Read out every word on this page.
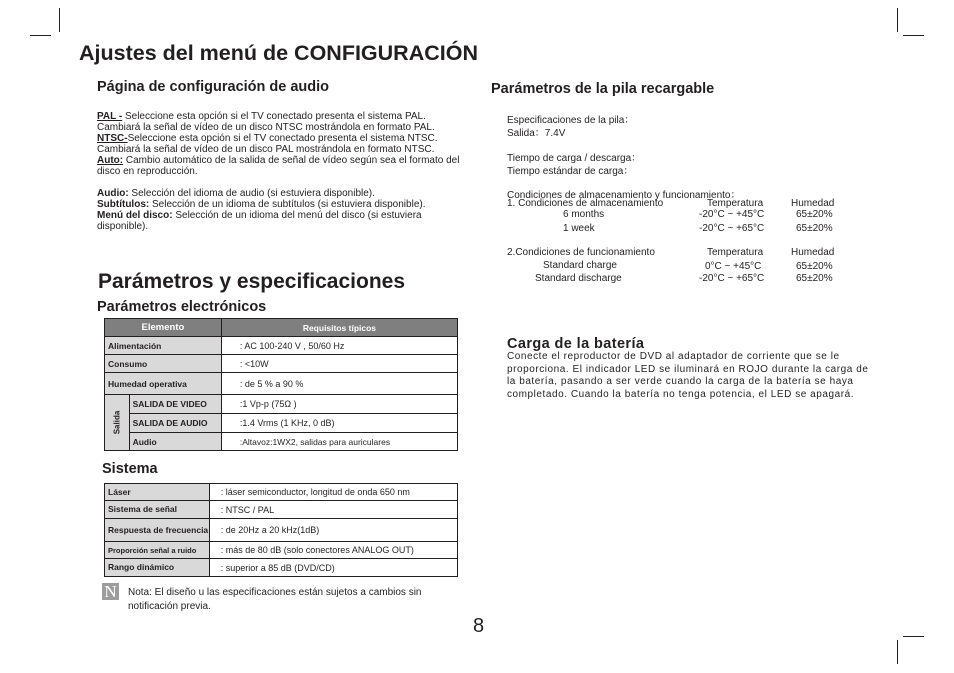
Ajustes del menú de CONFIGURACIÓN
Página de configuración de audio
PAL - Seleccione esta opción si el TV conectado presenta el sistema PAL. Cambiará la señal de vídeo de un disco NTSC mostrándola en formato PAL.
NTSC-Seleccione esta opción si el TV conectado presenta el sistema NTSC. Cambiará la señal de vídeo de un disco PAL mostrándola en formato NTSC.
Auto: Cambio automático de la salida de señal de vídeo según sea el formato del disco en reproducción.
Audio: Selección del idioma de audio (si estuviera disponible).
Subtítulos: Selección de un idioma de subtítulos (si estuviera disponible).
Menú del disco: Selección de un idioma del menú del disco (si estuviera disponible).
Parámetros y especificaciones
Parámetros electrónicos
Elemento		Requisitos típicos
Alimentación		: AC 100-240 V , 50/60 Hz
Consumo		: <10W
Humedad operativa		: de 5 % a 90 %
Salida	SALIDA DE VIDEO	:1 Vp-p (75Ω )
	SALIDA DE AUDIO	:1.4 Vrms (1 KHz, 0 dB)
	Audio	:Altavoz:1WX2, salidas para auriculares
Sistema
Láser	: láser semiconductor, longitud de onda 650 nm
Sistema de señal	: NTSC / PAL
Respuesta de frecuencia	: de 20Hz a 20 kHz(1dB)
Proporción señal a ruido	: más de 80 dB (solo conectores ANALOG OUT)
Rango dinámico	: superior a 85 dB (DVD/CD)
N Nota: El diseño u las especificaciones están sujetos a cambios sin notificación previa.
8
Parámetros de la pila recargable
Especificaciones de la pila：
Salida：7.4V
Tiempo de carga / descarga：
Tiempo estándar de carga：
Condiciones de almacenamiento y funcionamiento：
1. Condiciones de almacenamiento	Temperatura	Humedad
6 months	-20°C ~ +45°C	65±20%
1 week	-20°C ~ +65°C	65±20%
2.Condiciones de funcionamiento	Temperatura	Humedad
Standard charge	0°C ~ +45°C	65±20%
Standard discharge	-20°C ~ +65°C	65±20%
Carga de la batería
Conecte el reproductor de DVD al adaptador de corriente que se le proporciona. El indicador LED se iluminará en ROJO durante la carga de la batería, pasando a ser verde cuando la carga de la batería se haya completado. Cuando la batería no tenga potencia, el LED se apagará.
